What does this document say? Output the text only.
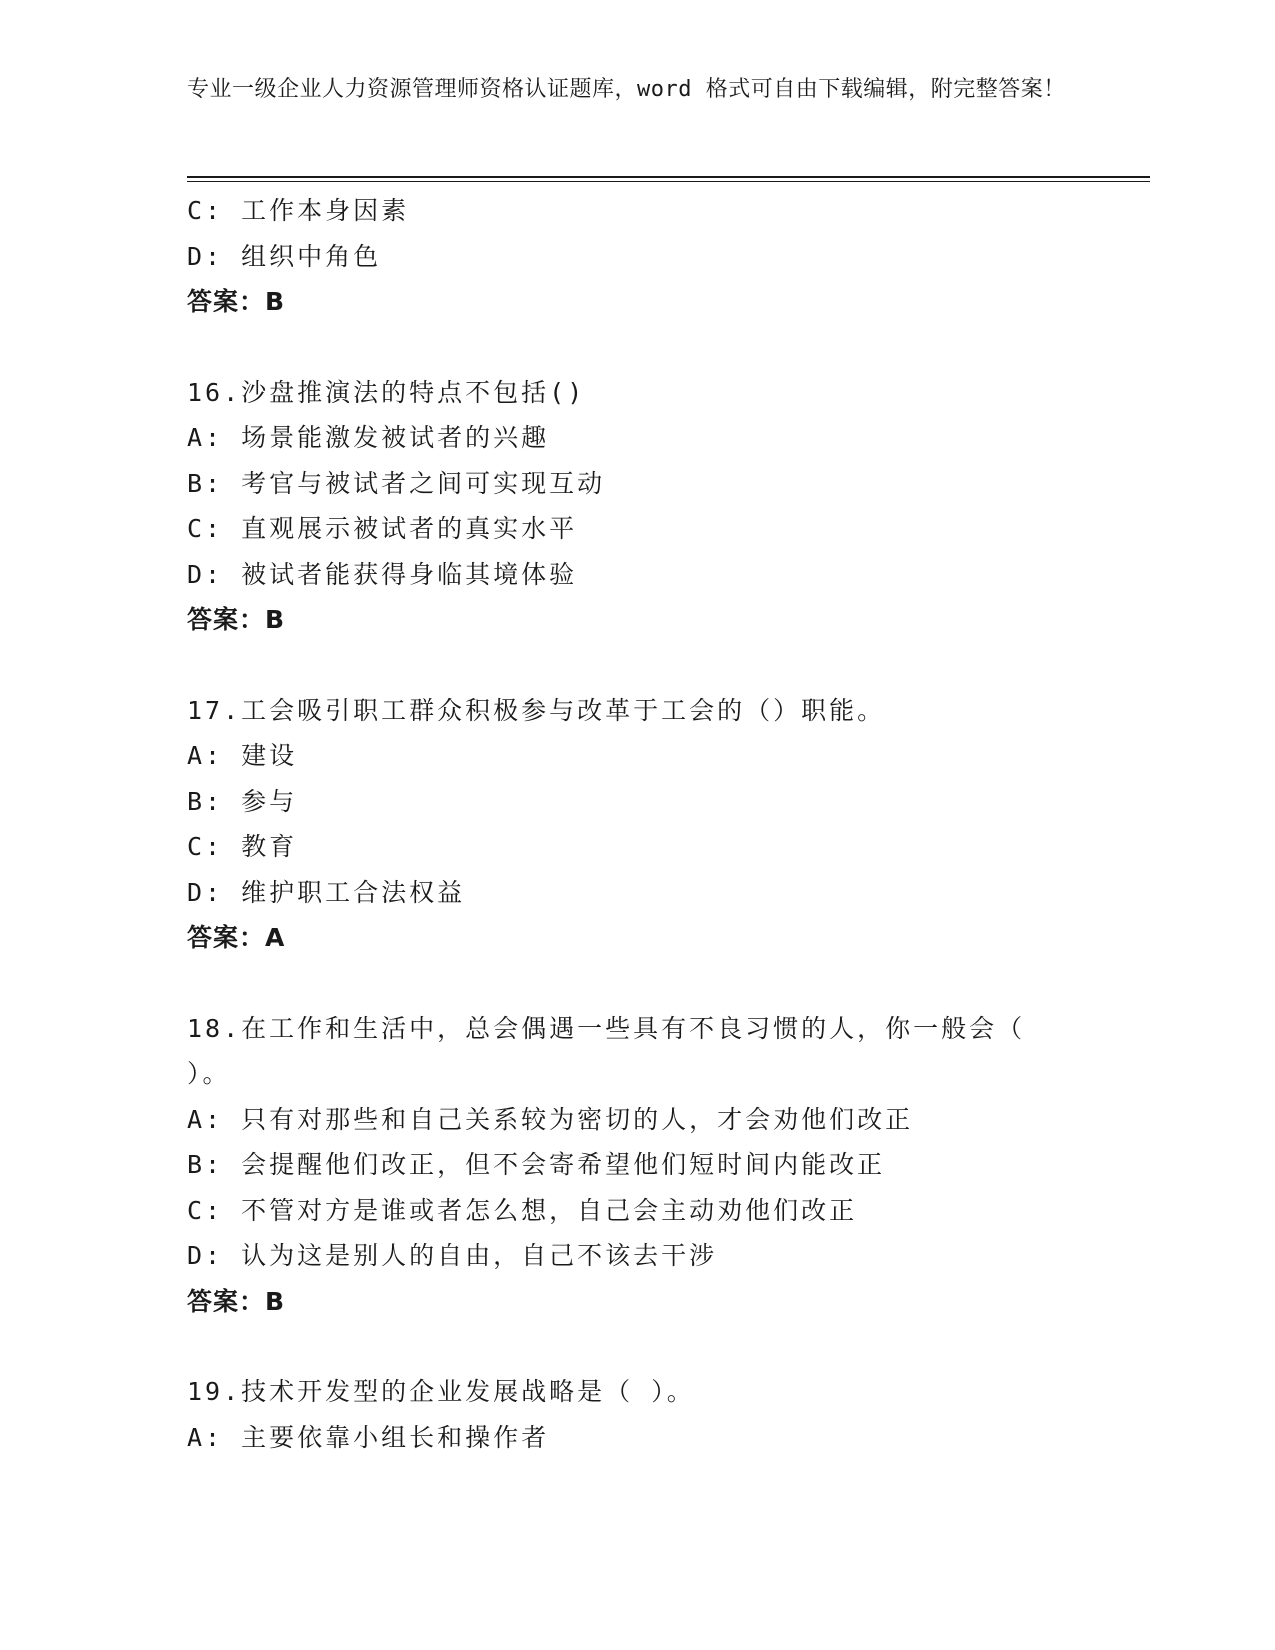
专业一级企业人力资源管理师资格认证题库，word 格式可自由下载编辑，附完整答案！
C: 工作本身因素
D: 组织中角色
答案：B
16.沙盘推演法的特点不包括()
A: 场景能激发被试者的兴趣
B: 考官与被试者之间可实现互动
C: 直观展示被试者的真实水平
D: 被试者能获得身临其境体验
答案：B
17.工会吸引职工群众积极参与改革于工会的（）职能。
A: 建设
B: 参与
C: 教育
D: 维护职工合法权益
答案：A
18.在工作和生活中，总会偶遇一些具有不良习惯的人，你一般会（
）。
A: 只有对那些和自己关系较为密切的人，才会劝他们改正
B: 会提醒他们改正，但不会寄希望他们短时间内能改正
C: 不管对方是谁或者怎么想，自己会主动劝他们改正
D: 认为这是别人的自由，自己不该去干涉
答案：B
19.技术开发型的企业发展战略是（ ）。
A: 主要依靠小组长和操作者
